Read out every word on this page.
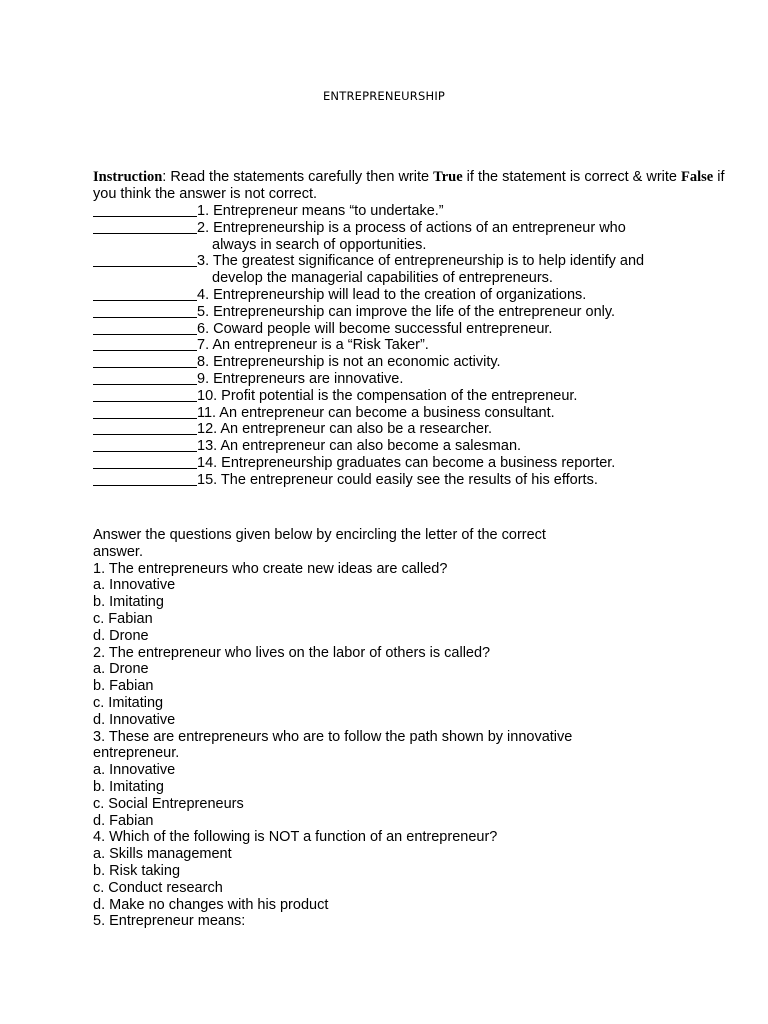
ENTREPRENEURSHIP
Instruction: Read the statements carefully then write True if the statement is correct & write False if you think the answer is not correct.
1. Entrepreneur means “to undertake.”
2. Entrepreneurship is a process of actions of an entrepreneur who
always in search of opportunities.
3. The greatest significance of entrepreneurship is to help identify and
develop the managerial capabilities of entrepreneurs.
4. Entrepreneurship will lead to the creation of organizations.
5. Entrepreneurship can improve the life of the entrepreneur only.
6. Coward people will become successful entrepreneur.
7. An entrepreneur is a “Risk Taker”.
8. Entrepreneurship is not an economic activity.
9. Entrepreneurs are innovative.
10. Profit potential is the compensation of the entrepreneur.
11. An entrepreneur can become a business consultant.
12. An entrepreneur can also be a researcher.
13. An entrepreneur can also become a salesman.
14. Entrepreneurship graduates can become a business reporter.
15. The entrepreneur could easily see the results of his efforts.
Answer the questions given below by encircling the letter of the correct answer.
1. The entrepreneurs who create new ideas are called?
a. Innovative
b. Imitating
c. Fabian
d. Drone
2. The entrepreneur who lives on the labor of others is called?
a. Drone
b. Fabian
c. Imitating
d. Innovative
3. These are entrepreneurs who are to follow the path shown by innovative entrepreneur.
a. Innovative
b. Imitating
c. Social Entrepreneurs
d. Fabian
4. Which of the following is NOT a function of an entrepreneur?
a. Skills management
b. Risk taking
c. Conduct research
d. Make no changes with his product
5. Entrepreneur means:
